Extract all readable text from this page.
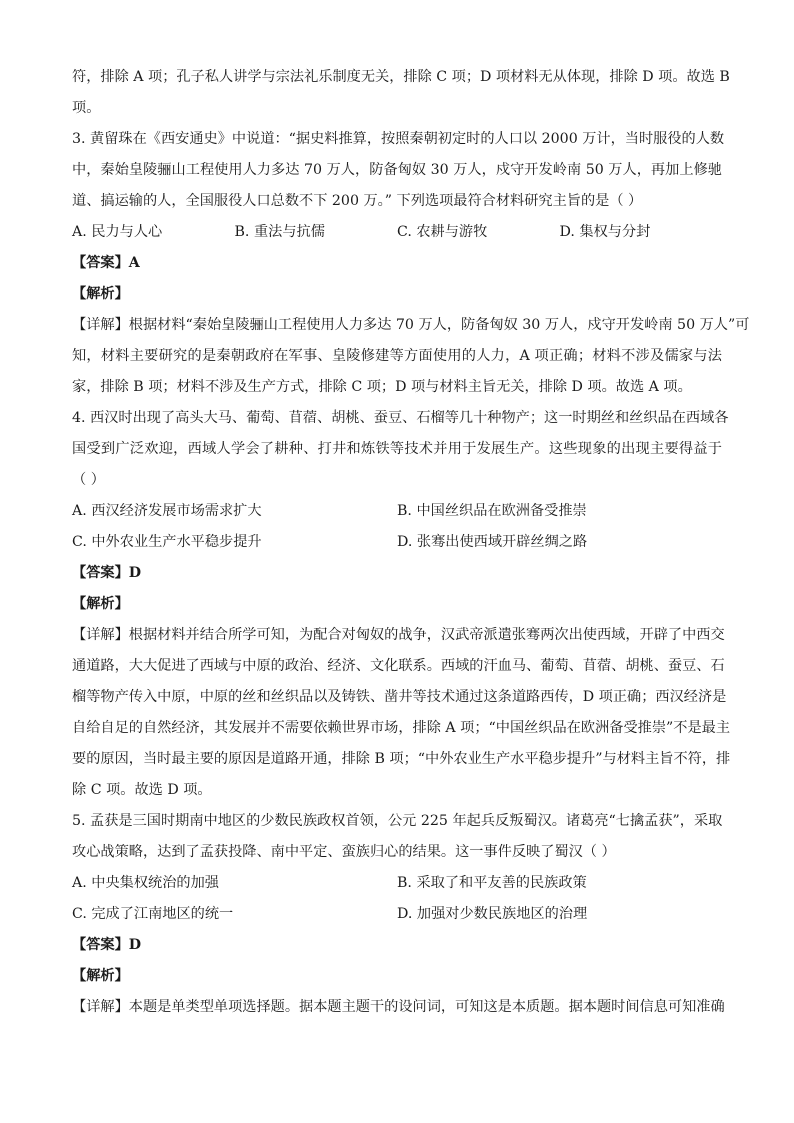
符，排除 A 项；孔子私人讲学与宗法礼乐制度无关，排除 C 项；D 项材料无从体现，排除 D 项。故选 B
项。
3. 黄留珠在《西安通史》中说道：“据史料推算，按照秦朝初定时的人口以 2000 万计，当时服役的人数
中，秦始皇陵骊山工程使用人力多达 70 万人，防备匈奴 30 万人，戍守开发岭南 50 万人，再加上修驰
道、搞运输的人，全国服役人口总数不下 200 万。” 下列选项最符合材料研究主旨的是（ ）
A. 民力与人心	B. 重法与抗儒	C. 农耕与游牧	D. 集权与分封
【答案】A
【解析】
【详解】根据材料“秦始皇陵骊山工程使用人力多达 70 万人，防备匈奴 30 万人，戍守开发岭南 50 万人”可
知，材料主要研究的是秦朝政府在军事、皇陵修建等方面使用的人力，A 项正确；材料不涉及儒家与法
家，排除 B 项；材料不涉及生产方式，排除 C 项；D 项与材料主旨无关，排除 D 项。故选 A 项。
4. 西汉时出现了高头大马、葡萄、苜蓿、胡桃、蚕豆、石榴等几十种物产；这一时期丝和丝织品在西域各
国受到广泛欢迎，西域人学会了耕种、打井和炼铁等技术并用于发展生产。这些现象的出现主要得益于
（ ）
A. 西汉经济发展市场需求扩大	B. 中国丝织品在欧洲备受推崇
C. 中外农业生产水平稳步提升	D. 张骞出使西域开辟丝绸之路
【答案】D
【解析】
【详解】根据材料并结合所学可知，为配合对匈奴的战争，汉武帝派遣张骞两次出使西域，开辟了中西交
通道路，大大促进了西域与中原的政治、经济、文化联系。西域的汗血马、葡萄、苜蓿、胡桃、蚕豆、石
榴等物产传入中原，中原的丝和丝织品以及铸铁、凿井等技术通过这条道路西传，D 项正确；西汉经济是
自给自足的自然经济，其发展并不需要依赖世界市场，排除 A 项；“中国丝织品在欧洲备受推崇”不是最主
要的原因，当时最主要的原因是道路开通，排除 B 项；“中外农业生产水平稳步提升”与材料主旨不符，排
除 C 项。故选 D 项。
5. 孟获是三国时期南中地区的少数民族政权首领，公元 225 年起兵反叛蜀汉。诸葛亮“七擒孟获”，采取
攻心战策略，达到了孟获投降、南中平定、蛮族归心的结果。这一事件反映了蜀汉（ ）
A. 中央集权统治的加强	B. 采取了和平友善的民族政策
C. 完成了江南地区的统一	D. 加强对少数民族地区的治理
【答案】D
【解析】
【详解】本题是单类型单项选择题。据本题主题干的设问词，可知这是本质题。据本题时间信息可知准确
